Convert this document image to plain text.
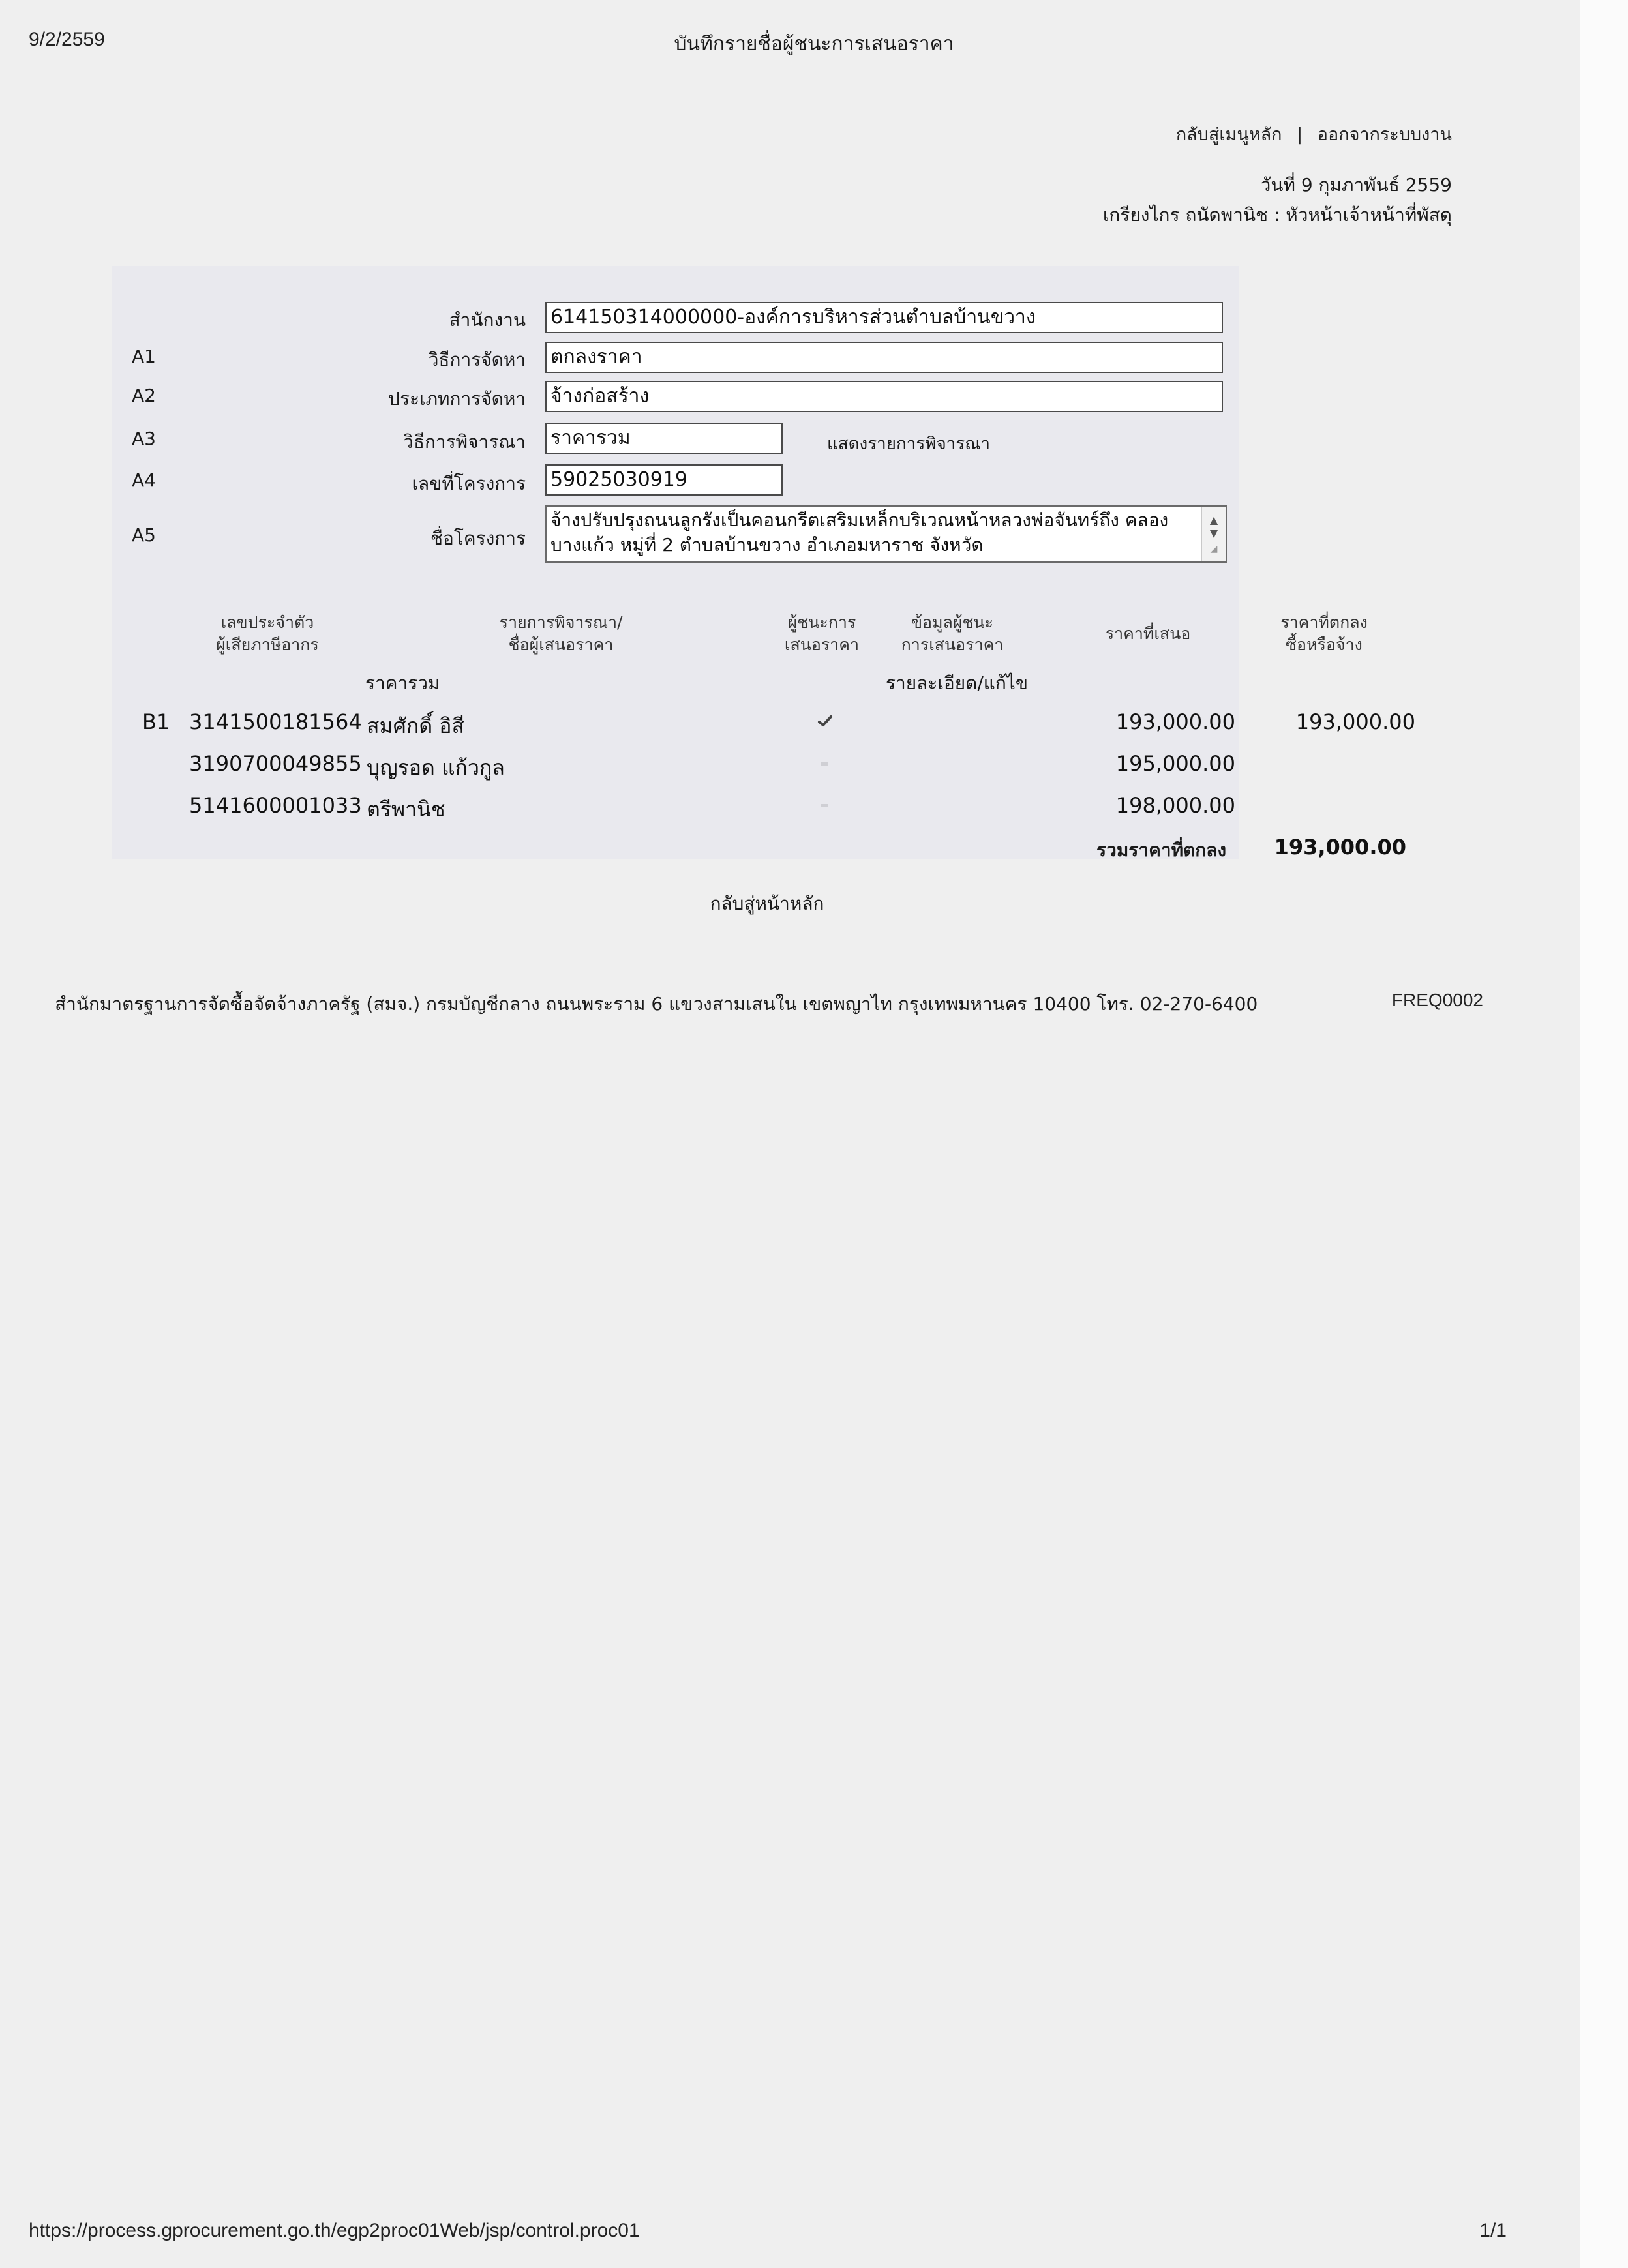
9/2/2559	บันทึกรายชื่อผู้ชนะการเสนอราคา
กลับสู่เมนูหลัก | ออกจากระบบงาน
วันที่ 9 กุมภาพันธ์ 2559
เกรียงไกร ถนัดพานิช : หัวหน้าเจ้าหน้าที่พัสดุ
สำนักงาน 614150314000000-องค์การบริหารส่วนตำบลบ้านขวาง
A1	วิธีการจัดหา ตกลงราคา
A2	ประเภทการจัดหา จ้างก่อสร้าง
A3	วิธีการพิจารณา ราคารวม	แสดงรายการพิจารณา
A4	เลขที่โครงการ 59025030919
A5	ชื่อโครงการ
จ้างปรับปรุงถนนลูกรังเป็นคอนกรีตเสริมเหล็กบริเวณหน้าหลวงพ่อจันทร์ถึง คลองบางแก้ว หมู่ที่ 2 ตำบลบ้านขวาง อำเภอมหาราช จังหวัด
▲
▼
◢
เลขประจำตัว
ผู้เสียภาษีอากร
รายการพิจารณา/
ชื่อผู้เสนอราคา
ผู้ชนะการ
เสนอราคา
ข้อมูลผู้ชนะ
การเสนอราคา
ราคาที่เสนอ
ราคาที่ตกลง
ซื้อหรือจ้าง
ราคารวม	รายละเอียด/แก้ไข
B1 3141500181564 สมศักดิ์ อิสี	193,000.00	193,000.00
3190700049855 บุญรอด แก้วกูล	195,000.00
5141600001033 ตรีพานิช	198,000.00
รวมราคาที่ตกลง 193,000.00
กลับสู่หน้าหลัก
สำนักมาตรฐานการจัดซื้อจัดจ้างภาครัฐ (สมจ.) กรมบัญชีกลาง ถนนพระราม 6 แขวงสามเสนใน เขตพญาไท กรุงเทพมหานคร 10400 โทร. 02-270-6400	FREQ0002
https://process.gprocurement.go.th/egp2proc01Web/jsp/control.proc01	1/1
